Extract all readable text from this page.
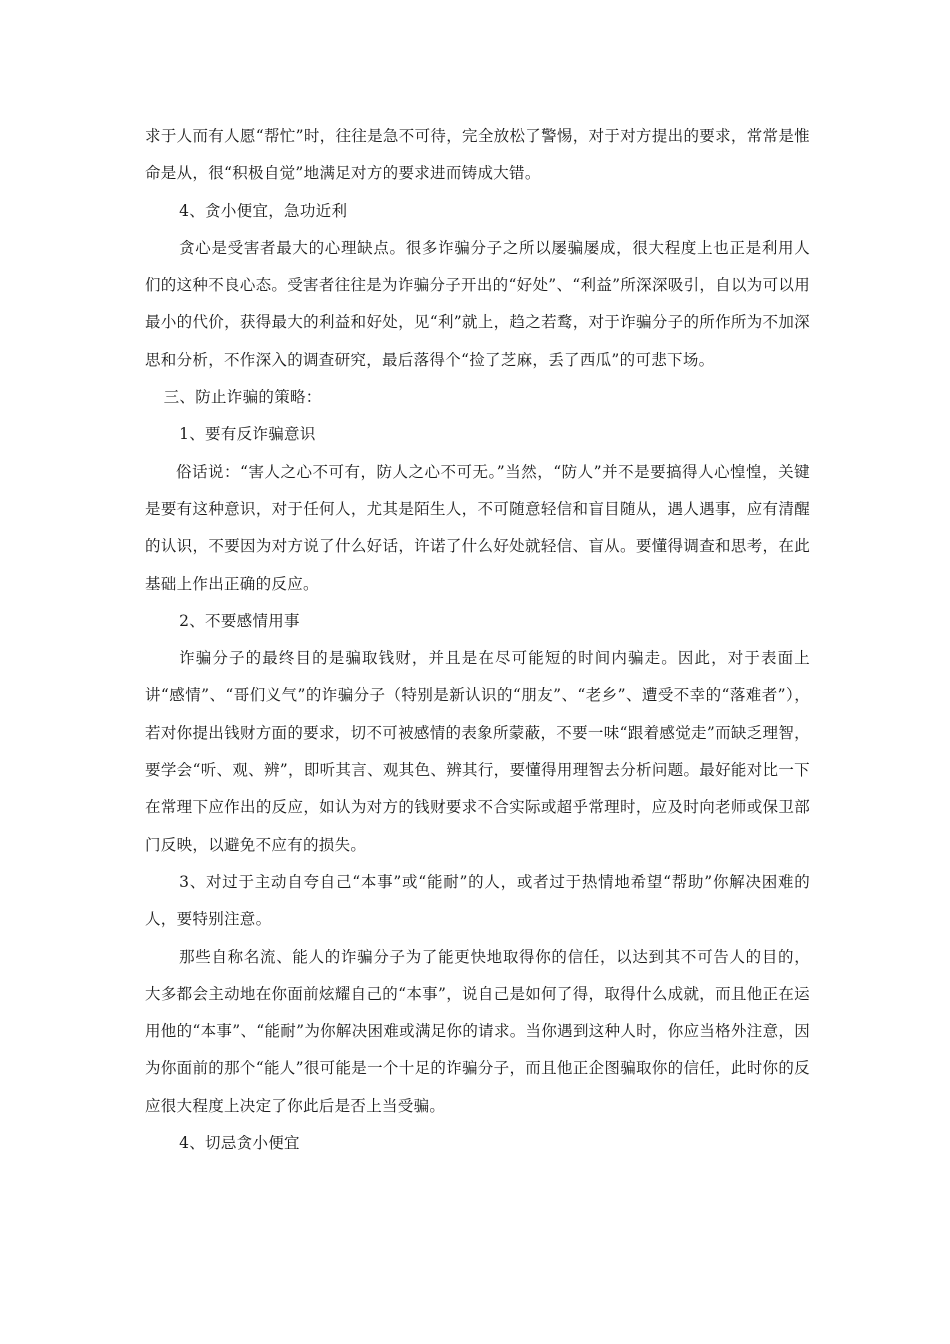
求于人而有人愿“帮忙”时，往往是急不可待，完全放松了警惕，对于对方提出的要求，常常是惟命是从，很“积极自觉”地满足对方的要求进而铸成大错。

4、贪小便宜，急功近利

贪心是受害者最大的心理缺点。很多诈骗分子之所以屡骗屡成，很大程度上也正是利用人们的这种不良心态。受害者往往是为诈骗分子开出的“好处”、“利益”所深深吸引，自以为可以用最小的代价，获得最大的利益和好处，见“利”就上，趋之若鹜，对于诈骗分子的所作所为不加深思和分析，不作深入的调查研究，最后落得个“捡了芝麻，丢了西瓜”的可悲下场。

三、防止诈骗的策略：

1、要有反诈骗意识

俗话说：“害人之心不可有，防人之心不可无。”当然，“防人”并不是要搞得人心惶惶，关键是要有这种意识，对于任何人，尤其是陌生人，不可随意轻信和盲目随从，遇人遇事，应有清醒的认识，不要因为对方说了什么好话，许诺了什么好处就轻信、盲从。要懂得调查和思考，在此基础上作出正确的反应。

2、不要感情用事

诈骗分子的最终目的是骗取钱财，并且是在尽可能短的时间内骗走。因此，对于表面上讲“感情”、“哥们义气”的诈骗分子（特别是新认识的“朋友”、“老乡”、遭受不幸的“落难者”），若对你提出钱财方面的要求，切不可被感情的表象所蒙蔽，不要一味“跟着感觉走”而缺乏理智，要学会“听、观、辨”，即听其言、观其色、辨其行，要懂得用理智去分析问题。最好能对比一下在常理下应作出的反应，如认为对方的钱财要求不合实际或超乎常理时，应及时向老师或保卫部门反映，以避免不应有的损失。

3、对过于主动自夸自己“本事”或“能耐”的人，或者过于热情地希望“帮助”你解决困难的人，要特别注意。

那些自称名流、能人的诈骗分子为了能更快地取得你的信任，以达到其不可告人的目的，大多都会主动地在你面前炫耀自己的“本事”，说自己是如何了得，取得什么成就，而且他正在运用他的“本事”、“能耐”为你解决困难或满足你的请求。当你遇到这种人时，你应当格外注意，因为你面前的那个“能人”很可能是一个十足的诈骗分子，而且他正企图骗取你的信任，此时你的反应很大程度上决定了你此后是否上当受骗。

4、切忌贪小便宜
